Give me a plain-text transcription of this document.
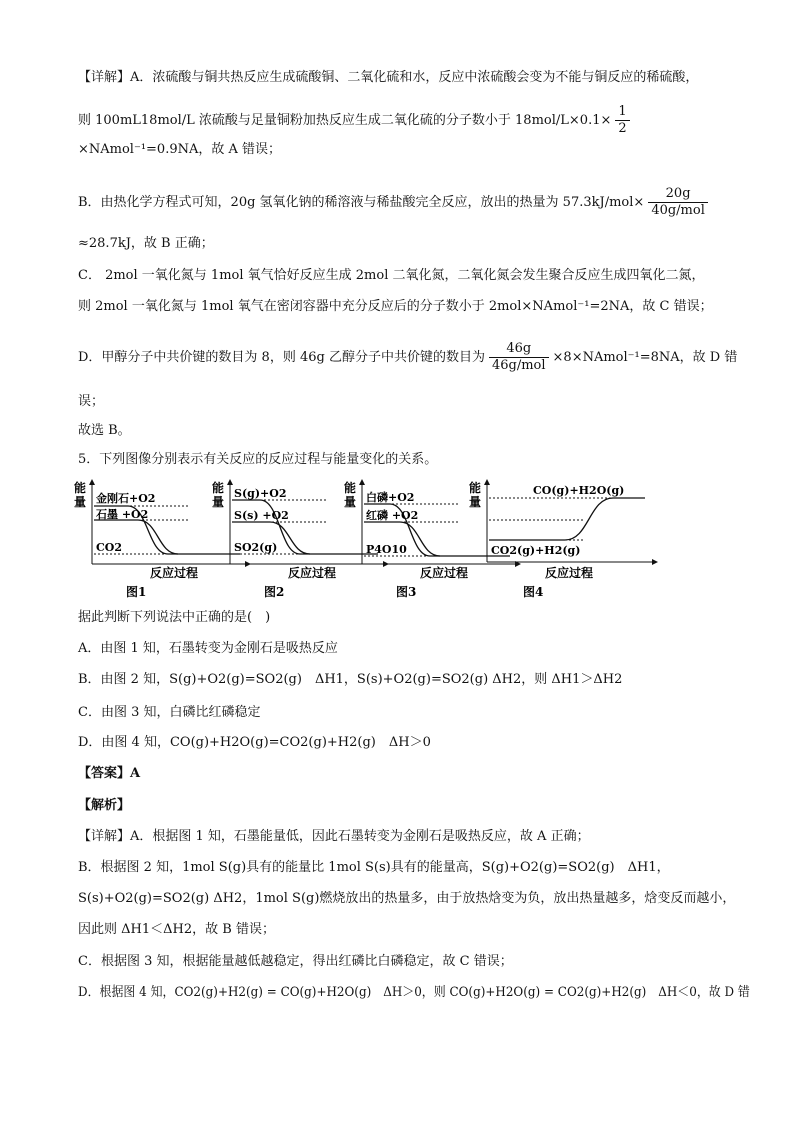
【详解】A．浓硫酸与铜共热反应生成硫酸铜、二氧化硫和水，反应中浓硫酸会变为不能与铜反应的稀硫酸，
则 100mL18mol/L 浓硫酸与足量铜粉加热反应生成二氧化硫的分子数小于 $18mol/L\times 0.1\times \frac{1}{2}$
×NAmol⁻¹=0.9NA，故 A 错误；
B．由热化学方程式可知，20g 氢氧化钠的稀溶液与稀盐酸完全反应，放出的热量为 $57.3kJ/mol\times \frac{20g}{\text{40g/mol}}$
≈28.7kJ，故 B 正确；
C． 2mol 一氧化氮与 1mol 氧气恰好反应生成 2mol 二氧化氮，二氧化氮会发生聚合反应生成四氧化二氮，
则 2mol 一氧化氮与 1mol 氧气在密闭容器中充分反应后的分子数小于 2mol×NAmol⁻¹=2NA，故 C 错误；
D．甲醇分子中共价键的数目为 8，则 46g 乙醇分子中共价键的数目为 $\frac{46g}{\text{46g/mol}}$ ×8×NAmol⁻¹=8NA，故 D 错
误；
故选 B。
5．下列图像分别表示有关反应的反应过程与能量变化的关系。
能
量 金刚石+O2
石墨 +O2
CO2
反应过程
图1
能
量
S(g)+O2
S(s) +O2
SO2(g)
反应过程
图2
能
量 白磷+O2
红磷 +O2
P4O10
反应过程
图3
能
量
CO(g)+H2O(g)
CO2(g)+H2(g)
反应过程
图4
据此判断下列说法中正确的是(　)
A．由图 1 知，石墨转变为金刚石是吸热反应
B．由图 2 知，S(g)+O2(g)=SO2(g)　ΔH1，S(s)+O2(g)=SO2(g) ΔH2，则 ΔH1＞ΔH2
C．由图 3 知，白磷比红磷稳定
D．由图 4 知，CO(g)+H2O(g)=CO2(g)+H2(g)　ΔH＞0
【答案】A
【解析】
【详解】A．根据图 1 知，石墨能量低，因此石墨转变为金刚石是吸热反应，故 A 正确；
B．根据图 2 知，1mol S(g)具有的能量比 1mol S(s)具有的能量高，S(g)+O2(g)=SO2(g)　ΔH1，
S(s)+O2(g)=SO2(g) ΔH2，1mol S(g)燃烧放出的热量多，由于放热焓变为负，放出热量越多，焓变反而越小，
因此则 ΔH1＜ΔH2，故 B 错误；
C．根据图 3 知，根据能量越低越稳定，得出红磷比白磷稳定，故 C 错误；
D．根据图 4 知，CO2(g)+H2(g) = CO(g)+H2O(g)　ΔH＞0，则 CO(g)+H2O(g) = CO2(g)+H2(g)　ΔH＜0，故 D 错
